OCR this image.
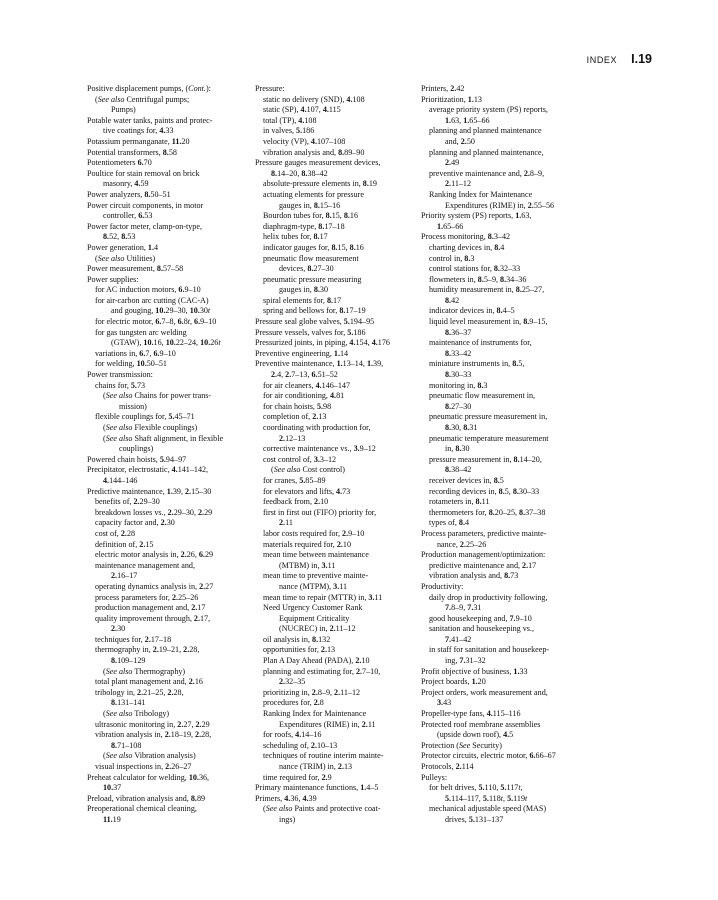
INDEX I.19
Positive displacement pumps, (Cont.):
(See also Centrifugal pumps;
Pumps)
Potable water tanks, paints and protec-
tive coatings for, 4.33
Potassium permanganate, 11.20
Potential transformers, 8.58
Potentiometers 6.70
Poultice for stain removal on brick
masonry, 4.59
Power analyzers, 8.50–51
Power circuit components, in motor
controller, 6.53
Power factor meter, clamp-on-type,
8.52, 8.53
Power generation, 1.4
(See also Utilities)
Power measurement, 8.57–58
Power supplies:
for AC induction motors, 6.9–10
for air-carbon arc cutting (CAC-A)
and gouging, 10.29–30, 10.30t
for electric motor, 6.7–8, 6.8t, 6.9–10
for gas tungsten arc welding
(GTAW), 10.16, 10.22–24, 10.26t
variations in, 6.7, 6.9–10
for welding, 10.50–51
Power transmission:
chains for, 5.73
(See also Chains for power trans-
mission)
flexible couplings for, 5.45–71
(See also Flexible couplings)
(See also Shaft alignment, in flexible
couplings)
Powered chain hoists, 5.94–97
Precipitator, electrostatic, 4.141–142,
4.144–146
Predictive maintenance, 1.39, 2.15–30
benefits of, 2.29–30
breakdown losses vs., 2.29–30, 2.29
capacity factor and, 2.30
cost of, 2.28
definition of, 2.15
electric motor analysis in, 2.26, 6.29
maintenance management and,
2.16–17
operating dynamics analysis in, 2.27
process parameters for, 2.25–26
production management and, 2.17
quality improvement through, 2.17,
2.30
techniques for, 2.17–18
thermography in, 2.19–21, 2.28,
8.109–129
(See also Thermography)
total plant management and, 2.16
tribology in, 2.21–25, 2.28,
8.131–141
(See also Tribology)
ultrasonic monitoring in, 2.27, 2.29
vibration analysis in, 2.18–19, 2.28,
8.71–108
(See also Vibration analysis)
visual inspections in, 2.26–27
Preheat calculator for welding, 10.36,
10.37
Preload, vibration analysis and, 8.89
Preoperational chemical cleaning,
11.19
Pressure:
static no delivery (SND), 4.108
static (SP), 4.107, 4.115
total (TP), 4.108
in valves, 5.186
velocity (VP), 4.107–108
vibration analysis and, 8.89–90
Pressure gauges measurement devices,
8.14–20, 8.38–42
absolute-pressure elements in, 8.19
actuating elements for pressure
gauges in, 8.15–16
Bourdon tubes for, 8.15, 8.16
diaphragm-type, 8.17–18
helix tubes for, 8.17
indicator gauges for, 8.15, 8.16
pneumatic flow measurement
devices, 8.27–30
pneumatic pressure measuring
gauges in, 8.30
spiral elements for, 8.17
spring and bellows for, 8.17–19
Pressure seal globe valves, 5.194–95
Pressure vessels, valves for, 5.186
Pressurized joints, in piping, 4.154, 4.176
Preventive engineering, 1.14
Preventive maintenance, 1.13–14, 1.39,
2.4, 2.7–13, 6.51–52
for air cleaners, 4.146–147
for air conditioning, 4.81
for chain hoists, 5.98
completion of, 2.13
coordinating with production for,
2.12–13
corrective maintenance vs., 3.9–12
cost control of, 3.3–12
(See also Cost control)
for cranes, 5.85–89
for elevators and lifts, 4.73
feedback from, 2.10
first in first out (FIFO) priority for,
2.11
labor costs required for, 2.9–10
materials required for, 2.10
mean time between maintenance
(MTBM) in, 3.11
mean time to preventive mainte-
nance (MTPM), 3.11
mean time to repair (MTTR) in, 3.11
Need Urgency Customer Rank
Equipment Criticality
(NUCREC) in, 2.11–12
oil analysis in, 8.132
opportunities for, 2.13
Plan A Day Ahead (PADA), 2.10
planning and estimating for, 2.7–10,
2.32–35
prioritizing in, 2.8–9, 2.11–12
procedures for, 2.8
Ranking Index for Maintenance
Expenditures (RIME) in, 2.11
for roofs, 4.14–16
scheduling of, 2.10–13
techniques of routine interim mainte-
nance (TRIM) in, 2.13
time required for, 2.9
Primary maintenance functions, 1.4–5
Primers, 4.36, 4.39
(See also Paints and protective coat-
ings)
Printers, 2.42
Prioritization, 1.13
average priority system (PS) reports,
1.63, 1.65–66
planning and planned maintenance
and, 2.50
planning and planned maintenance,
2.49
preventive maintenance and, 2.8–9,
2.11–12
Ranking Index for Maintenance
Expenditures (RIME) in, 2.55–56
Priority system (PS) reports, 1.63,
1.65–66
Process monitoring, 8.3–42
charting devices in, 8.4
control in, 8.3
control stations for, 8.32–33
flowmeters in, 8.5–9, 8.34–36
humidity measurement in, 8.25–27,
8.42
indicator devices in, 8.4–5
liquid level measurement in, 8.9–15,
8.36–37
maintenance of instruments for,
8.33–42
miniature instruments in, 8.5,
8.30–33
monitoring in, 8.3
pneumatic flow measurement in,
8.27–30
pneumatic pressure measurement in,
8.30, 8.31
pneumatic temperature measurement
in, 8.30
pressure measurement in, 8.14–20,
8.38–42
receiver devices in, 8.5
recording devices in, 8.5, 8.30–33
rotameters in, 8.11
thermometers for, 8.20–25, 8.37–38
types of, 8.4
Process parameters, predictive mainte-
nance, 2.25–26
Production management/optimization:
predictive maintenance and, 2.17
vibration analysis and, 8.73
Productivity:
daily drop in productivity following,
7.8–9, 7.31
good housekeeping and, 7.9–10
sanitation and housekeeping vs.,
7.41–42
in staff for sanitation and housekeep-
ing, 7.31–32
Profit objective of business, 1.33
Project boards, 1.20
Project orders, work measurement and,
3.43
Propeller-type fans, 4.115–116
Protected roof membrane assemblies
(upside down roof), 4.5
Protection (See Security)
Protector circuits, electric motor, 6.66–67
Protocols, 2.114
Pulleys:
for belt drives, 5.110, 5.117t,
5.114–117, 5.118t, 5.119t
mechanical adjustable speed (MAS)
drives, 5.131–137
